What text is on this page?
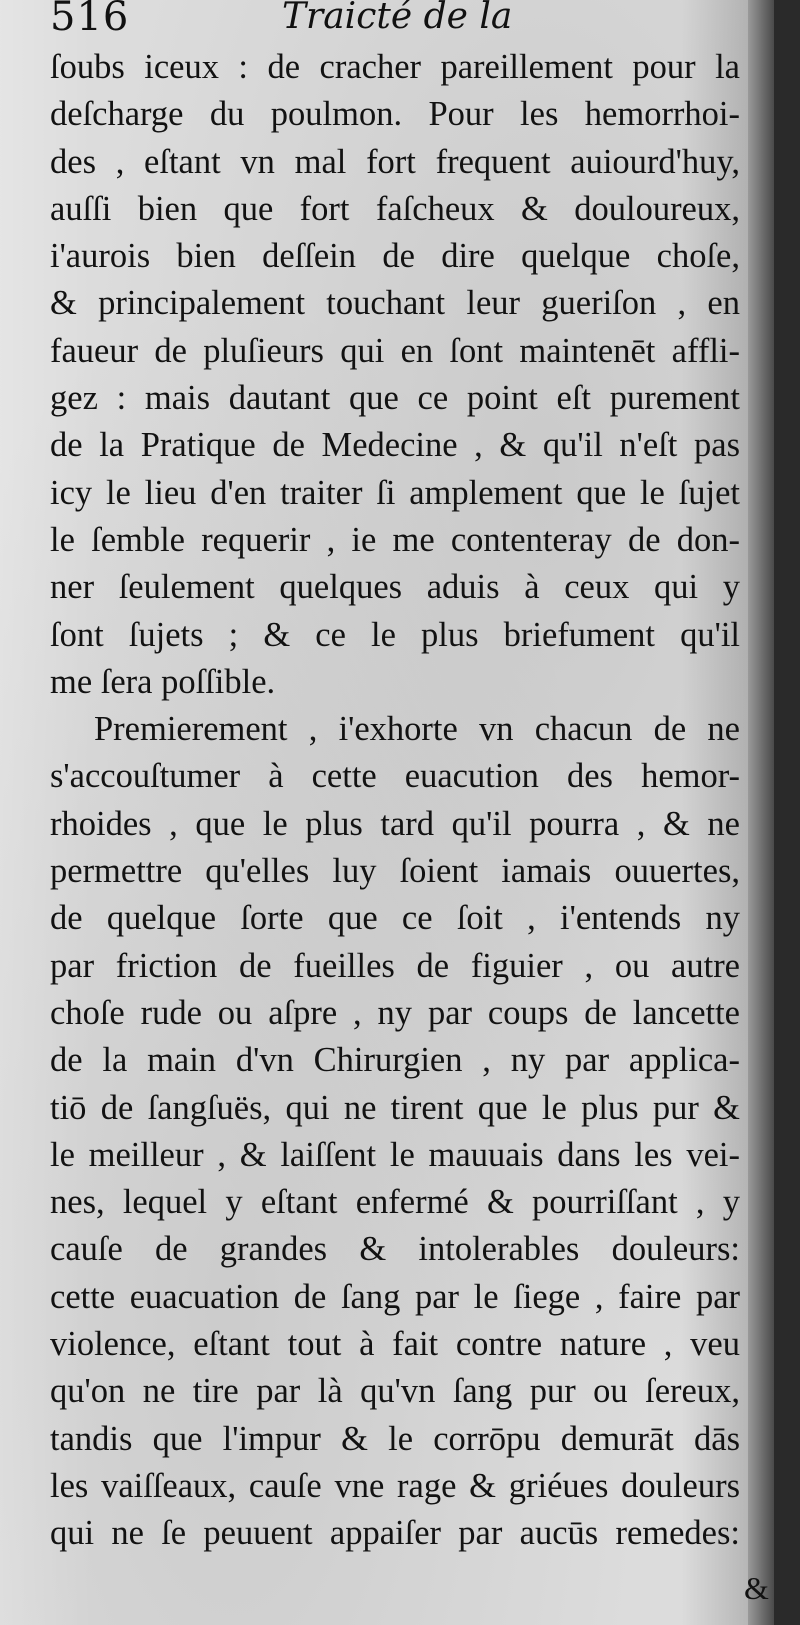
516	Traicté de la
ſoubs iceux : de cracher pareillement pour la
deſcharge du poulmon. Pour les hemorrhoi-
des , eſtant vn mal fort frequent auiourd'huy,
auſſi bien que fort faſcheux & douloureux,
i'aurois bien deſſein de dire quelque choſe,
& principalement touchant leur gueriſon , en
faueur de pluſieurs qui en ſont maintenēt affli-
gez : mais dautant que ce point eſt purement
de la Pratique de Medecine , & qu'il n'eſt pas
icy le lieu d'en traiter ſi amplement que le ſujet
le ſemble requerir , ie me contenteray de don-
ner ſeulement quelques aduis à ceux qui y
ſont ſujets ; & ce le plus briefument qu'il
me ſera poſſible.
Premierement , i'exhorte vn chacun de ne
s'accouſtumer à cette euacution des hemor-
rhoides , que le plus tard qu'il pourra , & ne
permettre qu'elles luy ſoient iamais ouuertes,
de quelque ſorte que ce ſoit , i'entends ny
par friction de fueilles de figuier , ou autre
choſe rude ou aſpre , ny par coups de lancette
de la main d'vn Chirurgien , ny par applica-
tiō de ſangſuës, qui ne tirent que le plus pur &
le meilleur , & laiſſent le mauuais dans les vei-
nes, lequel y eſtant enfermé & pourriſſant , y
cauſe de grandes & intolerables douleurs:
cette euacuation de ſang par le ſiege , faire par
violence, eſtant tout à fait contre nature , veu
qu'on ne tire par là qu'vn ſang pur ou ſereux,
tandis que l'impur & le corrōpu demurāt dās
les vaiſſeaux, cauſe vne rage & griéues douleurs
qui ne ſe peuuent appaiſer par aucūs remedes:
&
